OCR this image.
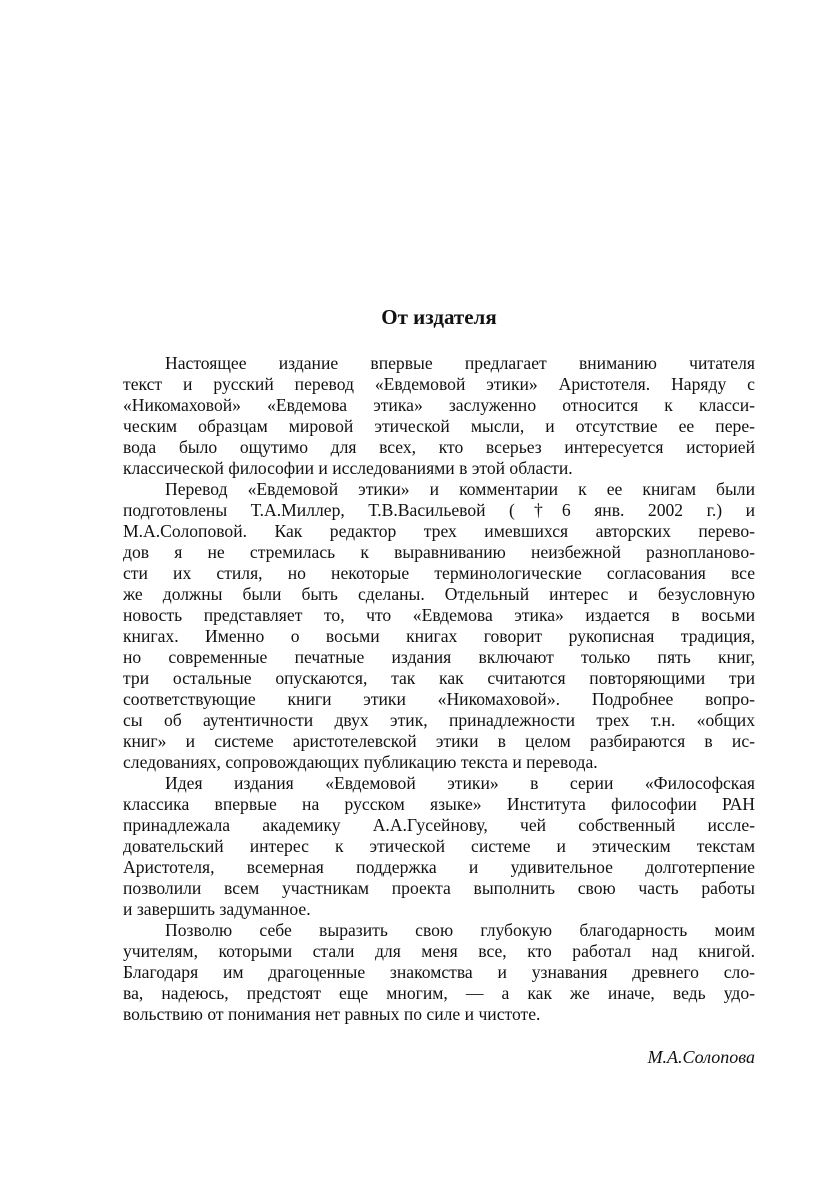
От издателя
Настоящее издание впервые предлагает вниманию читателя
текст и русский перевод «Евдемовой этики» Аристотеля. Наряду с
«Никомаховой» «Евдемова этика» заслуженно относится к класси-
ческим образцам мировой этической мысли, и отсутствие ее пере-
вода было ощутимо для всех, кто всерьез интересуется историей
классической философии и исследованиями в этой области.
Перевод «Евдемовой этики» и комментарии к ее книгам были
подготовлены Т.А.Миллер, Т.В.Васильевой (†6 янв. 2002 г.) и
М.А.Солоповой. Как редактор трех имевшихся авторских перево-
дов я не стремилась к выравниванию неизбежной разноплановo-
сти их стиля, но некоторые терминологические согласования все
же должны были быть сделаны. Отдельный интерес и безусловную
новость представляет то, что «Евдемова этика» издается в восьми
книгах. Именно о восьми книгах говорит рукописная традиция,
но современные печатные издания включают только пять книг,
три остальные опускаются, так как считаются повторяющими три
соответствующие книги этики «Никомаховой». Подробнее вопро-
сы об аутентичности двух этик, принадлежности трех т.н. «общих
книг» и системе аристотелевской этики в целом разбираются в ис-
следованиях, сопровождающих публикацию текста и перевода.
Идея издания «Евдемовой этики» в серии «Философская
классика впервые на русском языке» Института философии РАН
принадлежала академику А.А.Гусейнову, чей собственный иссле-
довательский интерес к этической системе и этическим текстам
Аристотеля, всемерная поддержка и удивительное долготерпение
позволили всем участникам проекта выполнить свою часть работы
и завершить задуманное.
Позволю себе выразить свою глубокую благодарность моим
учителям, которыми стали для меня все, кто работал над книгой.
Благодаря им драгоценные знакомства и узнавания древнего сло-
ва, надеюсь, предстоят еще многим, — а как же иначе, ведь удо-
вольствию от понимания нет равных по силе и чистоте.
М.А.Солопова
